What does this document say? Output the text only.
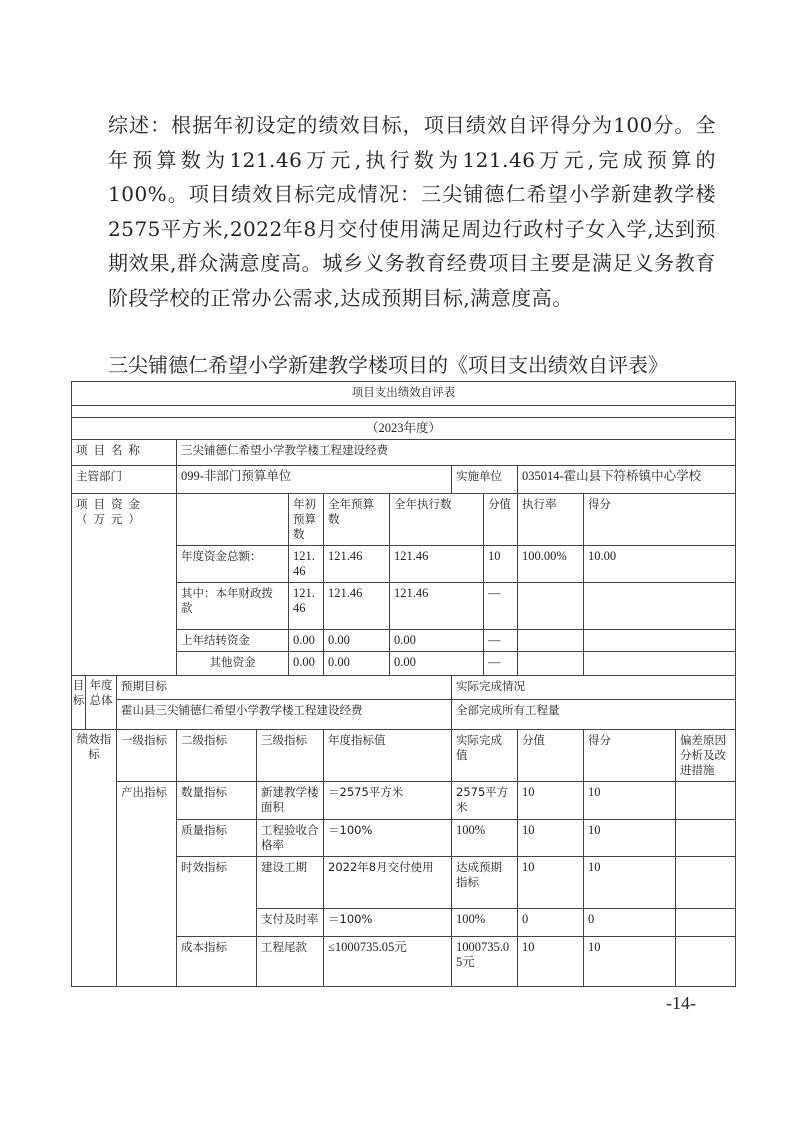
综述：根据年初设定的绩效目标，项目绩效自评得分为100分。全年预算数为121.46万元,执行数为121.46万元,完成预算的100%。项目绩效目标完成情况：三尖铺德仁希望小学新建教学楼2575平方米,2022年8月交付使用满足周边行政村子女入学,达到预期效果,群众满意度高。城乡义务教育经费项目主要是满足义务教育阶段学校的正常办公需求,达成预期目标,满意度高。

三尖铺德仁希望小学新建教学楼项目的《项目支出绩效自评表》

项目支出绩效自评表												

（2023年度）												
项目名称			三尖铺德仁希望小学教学楼工程建设经费									
主管部门			099-非部门预算单位					实施单位		035014-霍山县下符桥镇中心学校		
项目资金（万元）					年初预算数	全年预算数	全年执行数		分值	执行率	得分	
			年度资金总额：		121.46	121.46	121.46		10	100.00%	10.00	
			其中：本年财政拨款		121.46	121.46	121.46		—			
			上年结转资金		0.00	0.00	0.00		—			
			其他资金		0.00	0.00	0.00		—			
目标	年度总体	预期目标						实际完成情况				
		霍山县三尖铺德仁希望小学教学楼工程建设经费						全部完成所有工程量				
绩效指标		一级指标	二级指标	三级指标		年度指标值		实际完成值		分值	得分	偏差原因分析及改进措施
		产出指标	数量指标	新建教学楼面积		＝2575平方米		2575平方米		10	10	
			质量指标	工程验收合格率		＝100%		100%		10	10	
			时效指标	建设工期		2022年8月交付使用		达成预期指标		10	10	
				支付及时率		＝100%		100%		0	0	
			成本指标	工程尾款		≤1000735.05元		1000735.05元		10	10	

-14-
